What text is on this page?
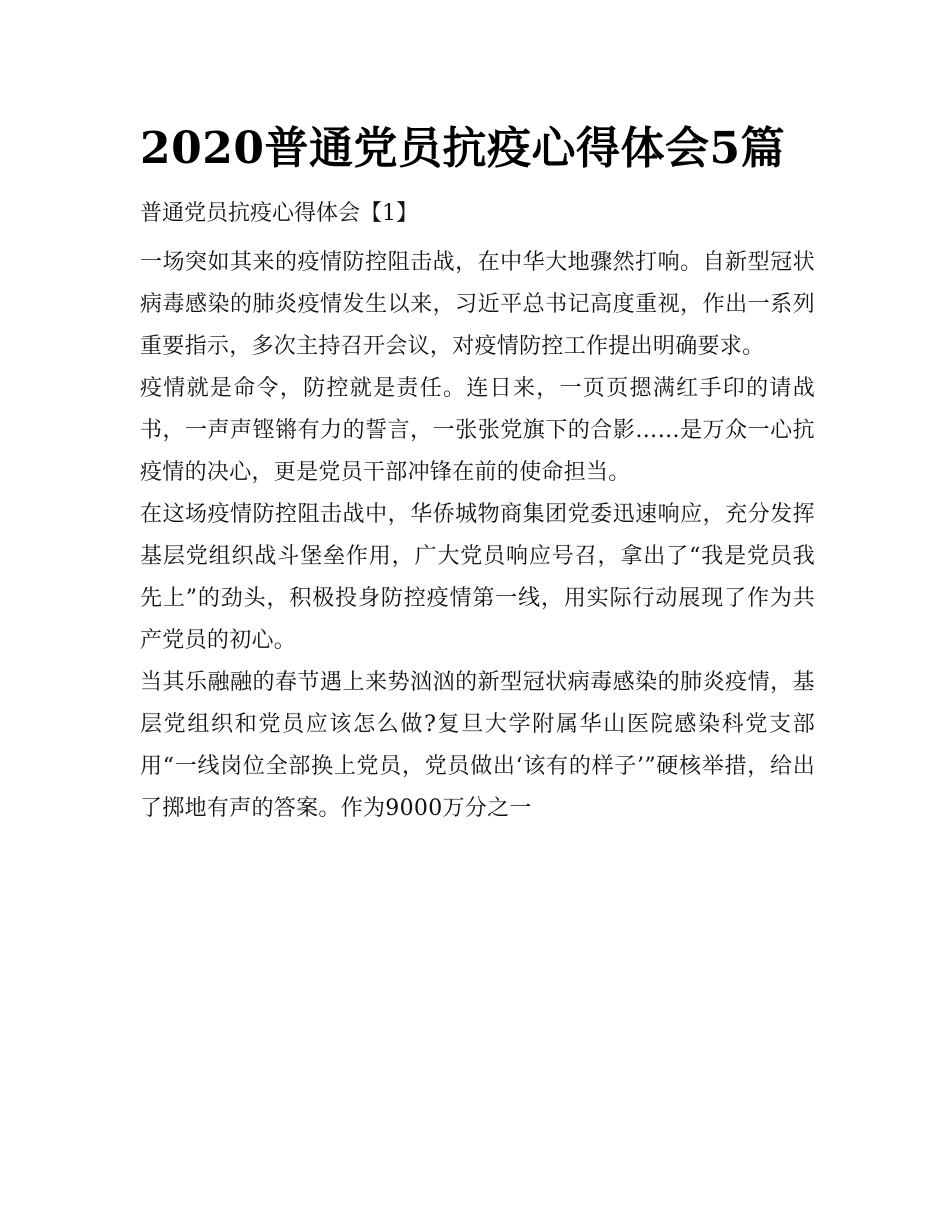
2020普通党员抗疫心得体会5篇
普通党员抗疫心得体会【1】

一场突如其来的疫情防控阻击战，在中华大地骤然打响。自新型冠状病毒感染的肺炎疫情发生以来，习近平总书记高度重视，作出一系列重要指示，多次主持召开会议，对疫情防控工作提出明确要求。

疫情就是命令，防控就是责任。连日来，一页页摁满红手印的请战书，一声声铿锵有力的誓言，一张张党旗下的合影……是万众一心抗疫情的决心，更是党员干部冲锋在前的使命担当。

在这场疫情防控阻击战中，华侨城物商集团党委迅速响应，充分发挥基层党组织战斗堡垒作用，广大党员响应号召，拿出了“我是党员我先上”的劲头，积极投身防控疫情第一线，用实际行动展现了作为共产党员的初心。

当其乐融融的春节遇上来势汹汹的新型冠状病毒感染的肺炎疫情，基层党组织和党员应该怎么做?复旦大学附属华山医院感染科党支部用“一线岗位全部换上党员，党员做出‘该有的样子’”硬核举措，给出了掷地有声的答案。作为9000万分之一
